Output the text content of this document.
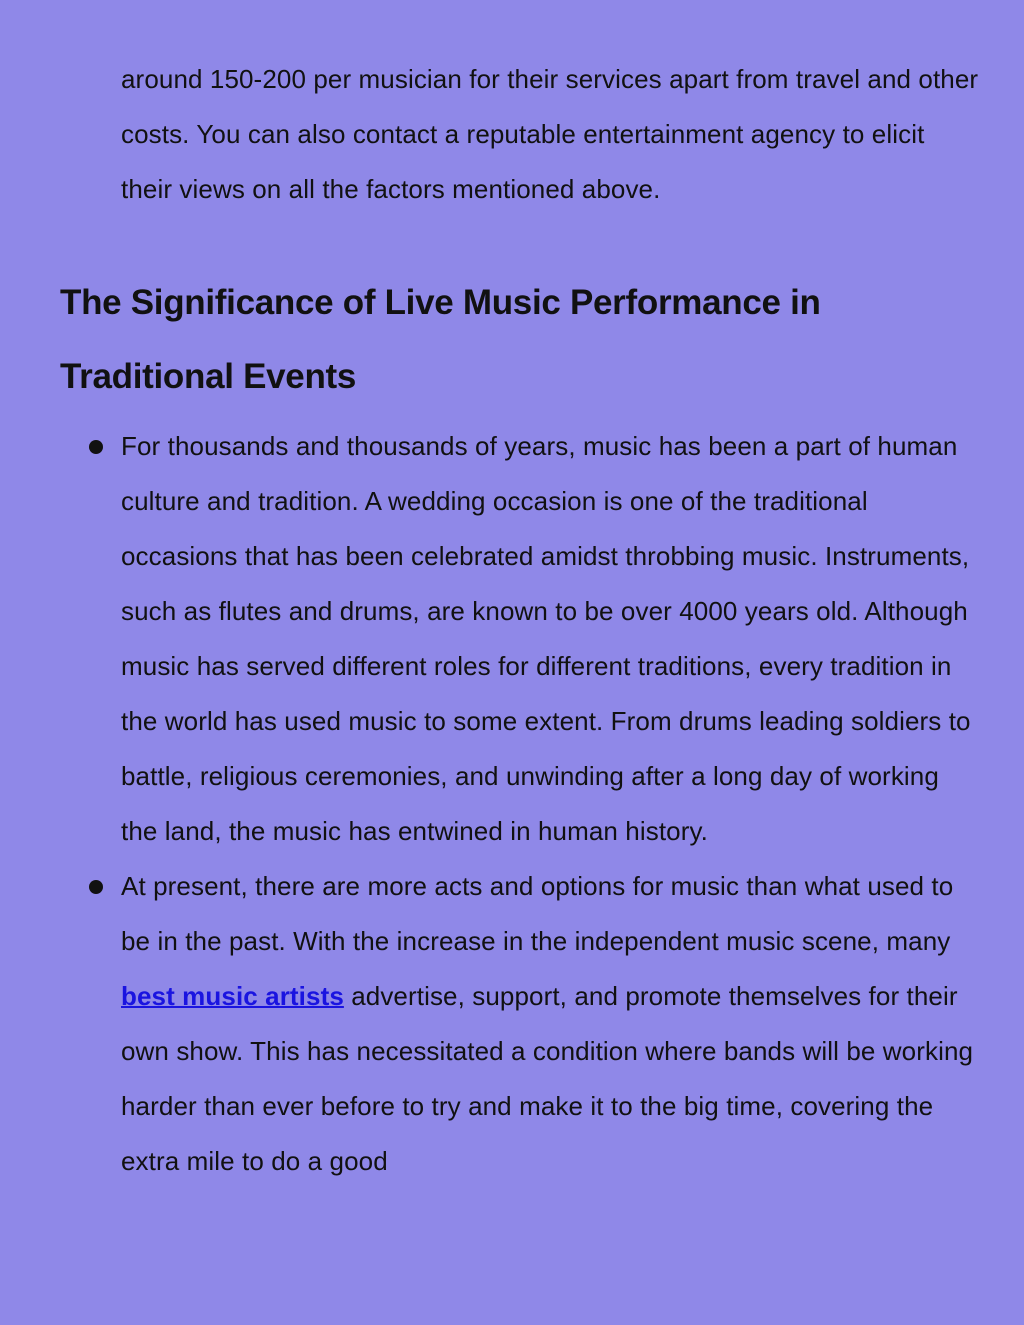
around 150-200 per musician for their services apart from travel and other costs. You can also contact a reputable entertainment agency to elicit their views on all the factors mentioned above.

The Significance of Live Music Performance in
Traditional Events
For thousands and thousands of years, music has been a part of human culture and tradition. A wedding occasion is one of the traditional occasions that has been celebrated amidst throbbing music. Instruments, such as flutes and drums, are known to be over 4000 years old. Although music has served different roles for different traditions, every tradition in the world has used music to some extent. From drums leading soldiers to battle, religious ceremonies, and unwinding after a long day of working the land, the music has entwined in human history.
At present, there are more acts and options for music than what used to be in the past. With the increase in the independent music scene, many best music artists advertise, support, and promote themselves for their own show. This has necessitated a condition where bands will be working harder than ever before to try and make it to the big time, covering the extra mile to do a good
